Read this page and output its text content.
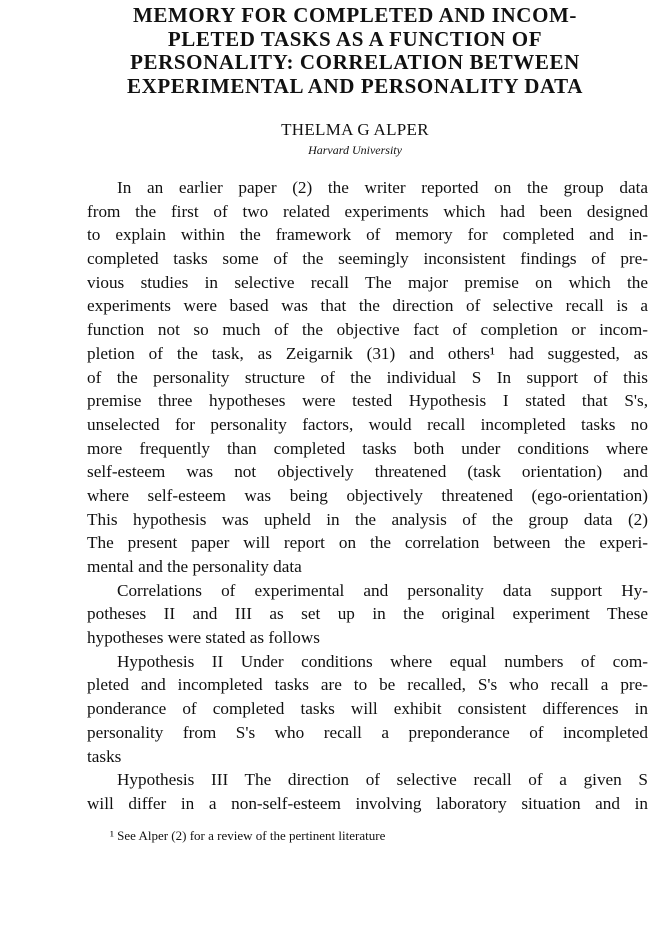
MEMORY FOR COMPLETED AND INCOM-
PLETED TASKS AS A FUNCTION OF
PERSONALITY: CORRELATION BETWEEN
EXPERIMENTAL AND PERSONALITY DATA
THELMA G ALPER
Harvard University
In an earlier paper (2) the writer reported on the group data
from the first of two related experiments which had been designed
to explain within the framework of memory for completed and in-
completed tasks some of the seemingly inconsistent findings of pre-
vious studies in selective recall The major premise on which the
experiments were based was that the direction of selective recall is a
function not so much of the objective fact of completion or incom-
pletion of the task, as Zeigarnik (31) and others¹ had suggested, as
of the personality structure of the individual S In support of this
premise three hypotheses were tested Hypothesis I stated that S's,
unselected for personality factors, would recall incompleted tasks no
more frequently than completed tasks both under conditions where
self-esteem was not objectively threatened (task orientation) and
where self-esteem was being objectively threatened (ego-orientation)
This hypothesis was upheld in the analysis of the group data (2)
The present paper will report on the correlation between the experi-
mental and the personality data
Correlations of experimental and personality data support Hy-
potheses II and III as set up in the original experiment These
hypotheses were stated as follows
Hypothesis II Under conditions where equal numbers of com-
pleted and incompleted tasks are to be recalled, S's who recall a pre-
ponderance of completed tasks will exhibit consistent differences in
personality from S's who recall a preponderance of incompleted
tasks
Hypothesis III The direction of selective recall of a given S
will differ in a non-self-esteem involving laboratory situation and in
¹ See Alper (2) for a review of the pertinent literature
